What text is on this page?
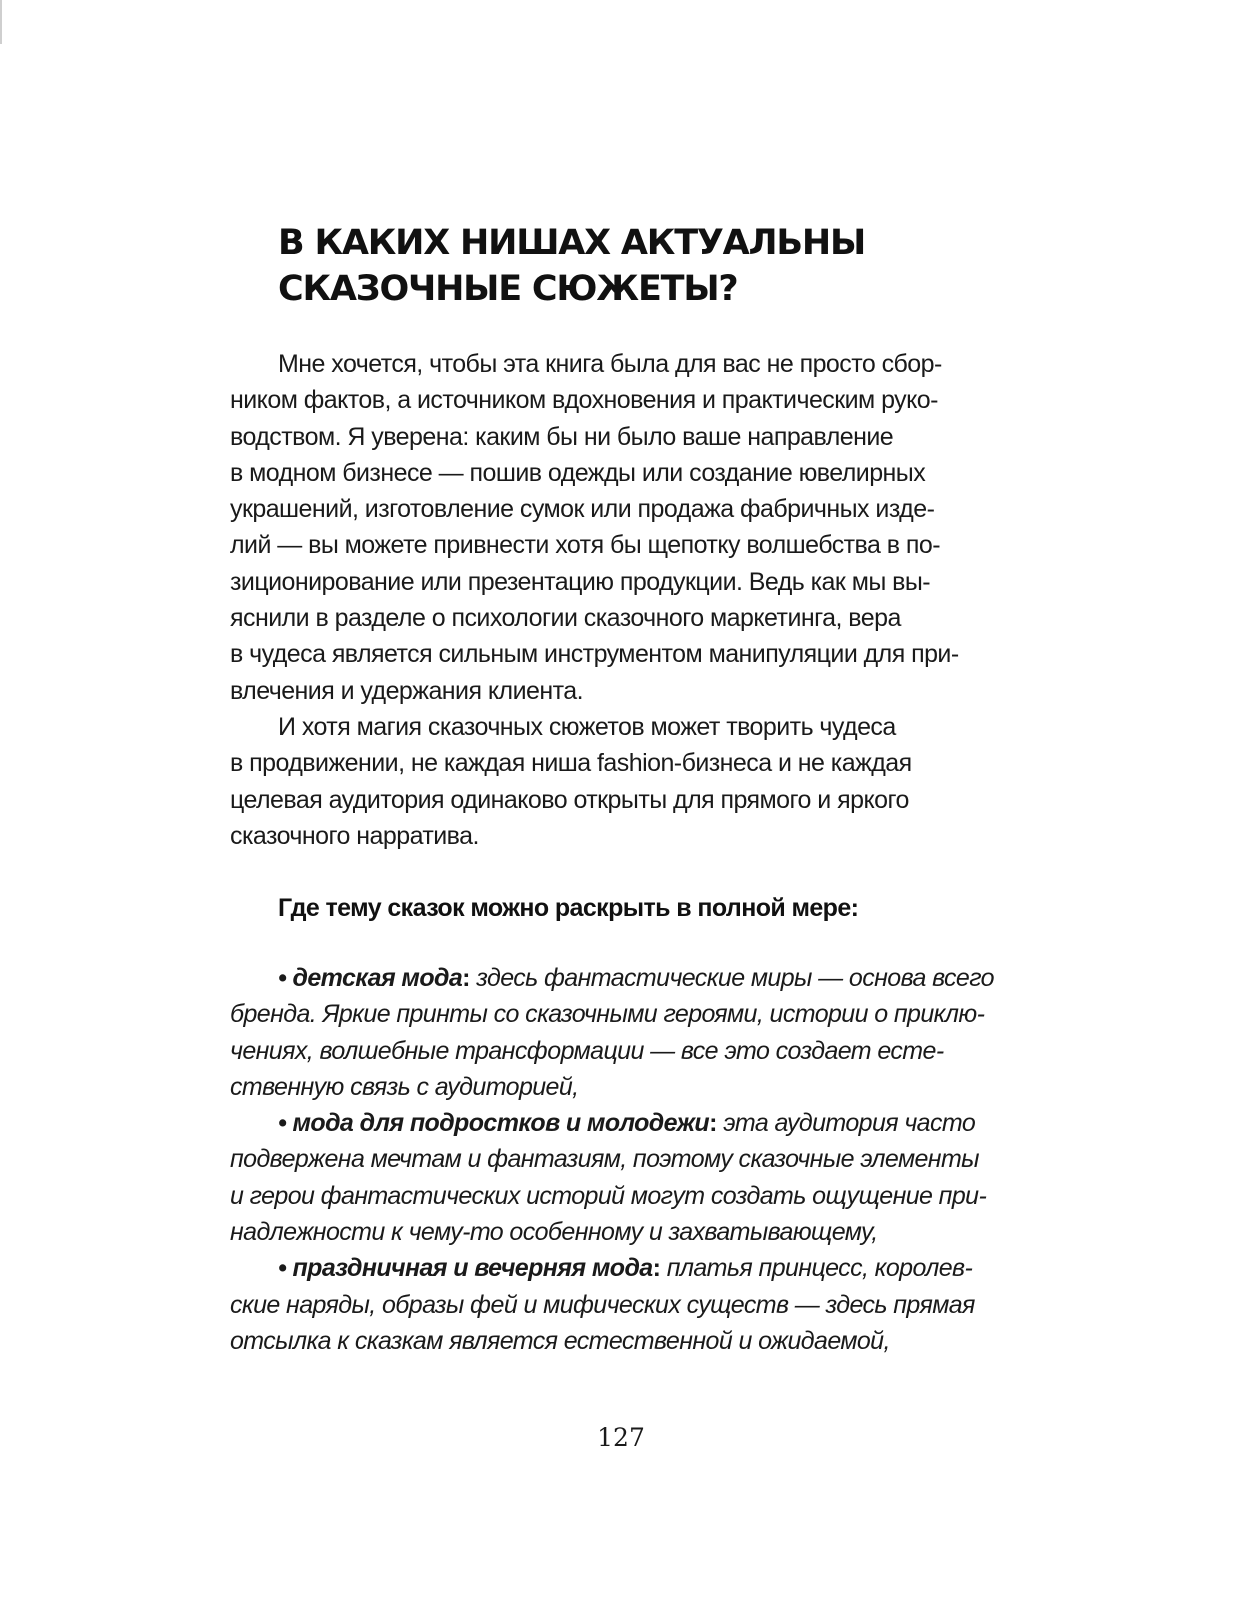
В КАКИХ НИШАХ АКТУАЛЬНЫ
СКАЗОЧНЫЕ СЮЖЕТЫ?
Мне хочется, чтобы эта книга была для вас не просто сбор-
ником фактов, а источником вдохновения и практическим руко-
водством. Я уверена: каким бы ни было ваше направление
в модном бизнесе — пошив одежды или создание ювелирных
украшений, изготовление сумок или продажа фабричных изде-
лий — вы можете привнести хотя бы щепотку волшебства в по-
зиционирование или презентацию продукции. Ведь как мы вы-
яснили в разделе о психологии сказочного маркетинга, вера
в чудеса является сильным инструментом манипуляции для при-
влечения и удержания клиента.
И хотя магия сказочных сюжетов может творить чудеса
в продвижении, не каждая ниша fashion-бизнеса и не каждая
целевая аудитория одинаково открыты для прямого и яркого
сказочного нарратива.
Где тему сказок можно раскрыть в полной мере:
• детская мода: здесь фантастические миры — основа всего
бренда. Яркие принты со сказочными героями, истории о приклю-
чениях, волшебные трансформации — все это создает есте-
ственную связь с аудиторией,
• мода для подростков и молодежи: эта аудитория часто
подвержена мечтам и фантазиям, поэтому сказочные элементы
и герои фантастических историй могут создать ощущение при-
надлежности к чему-то особенному и захватывающему,
• праздничная и вечерняя мода: платья принцесс, королев-
ские наряды, образы фей и мифических существ — здесь прямая
отсылка к сказкам является естественной и ожидаемой,
127
